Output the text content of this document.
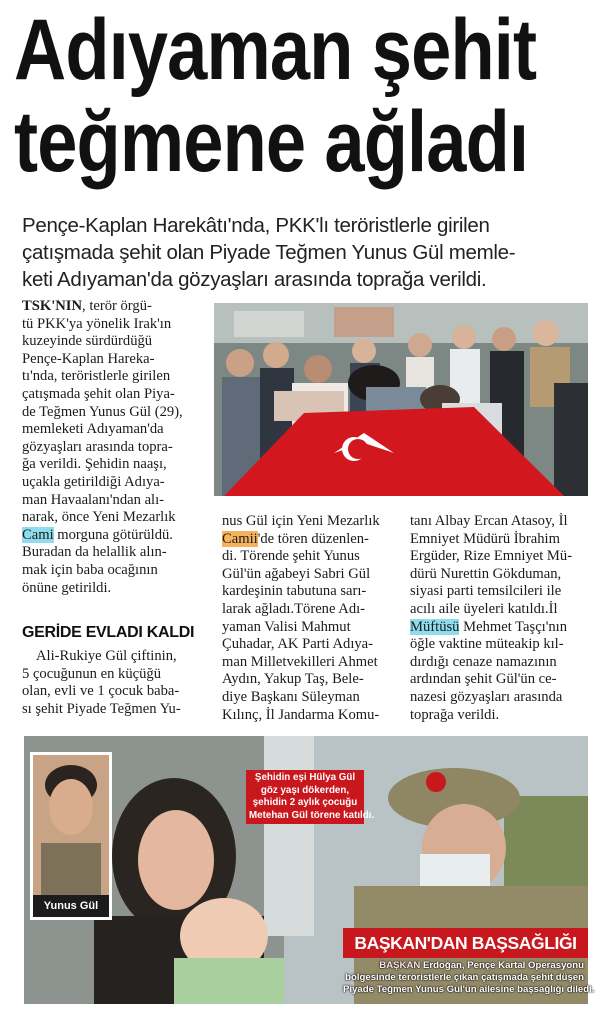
Adıyaman şehit
teğmene ağladı
Pençe-Kaplan Harekâtı'nda, PKK'lı teröristlerle girilen
çatışmada şehit olan Piyade Teğmen Yunus Gül memle-
keti Adıyaman'da gözyaşları arasında toprağa verildi.
TSK'NIN, terör örgü-
tü PKK'ya yönelik Irak'ın
kuzeyinde sürdürdüğü
Pençe-Kaplan Hareka-
tı'nda, teröristlerle girilen
çatışmada şehit olan Piya-
de Teğmen Yunus Gül (29),
memleketi Adıyaman'da
gözyaşları arasında topra-
ğa verildi. Şehidin naaşı,
uçakla getirildiği Adıya-
man Havaalanı'ndan alı-
narak, önce Yeni Mezarlık
Cami morguna götürüldü.
Buradan da helallik alın-
mak için baba ocağının
önüne getirildi.
GERİDE EVLADI KALDI
Ali-Rukiye Gül çiftinin,
5 çocuğunun en küçüğü
olan, evli ve 1 çocuk baba-
sı şehit Piyade Teğmen Yu-
nus Gül için Yeni Mezarlık
Camii'de tören düzenlen-
di. Törende şehit Yunus
Gül'ün ağabeyi Sabri Gül
kardeşinin tabutuna sarı-
larak ağladı.Törene Adı-
yaman Valisi Mahmut
Çuhadar, AK Parti Adıya-
man Milletvekilleri Ahmet
Aydın, Yakup Taş, Bele-
diye Başkanı Süleyman
Kılınç, İl Jandarma Komu-
tanı Albay Ercan Atasoy, İl
Emniyet Müdürü İbrahim
Ergüder, Rize Emniyet Mü-
dürü Nurettin Gökduman,
siyasi parti temsilcileri ile
acılı aile üyeleri katıldı.İl
Müftüsü Mehmet Taşçı'nın
öğle vaktine müteakip kıl-
dırdığı cenaze namazının
ardından şehit Gül'ün ce-
nazesi gözyaşları arasında
toprağa verildi.
Yunus Gül
Şehidin eşi Hülya Gül
göz yaşı dökerden,
şehidin 2 aylık çocuğu
Metehan Gül törene katıldı.
BAŞKAN'DAN BAŞSAĞLIĞI
BAŞKAN Erdoğan, Pençe Kartal Operasyonu
bölgesinde teröristlerle çıkan çatışmada şehit düşen
Piyade Teğmen Yunus Gül'ün ailesine başsağlığı diledi.
